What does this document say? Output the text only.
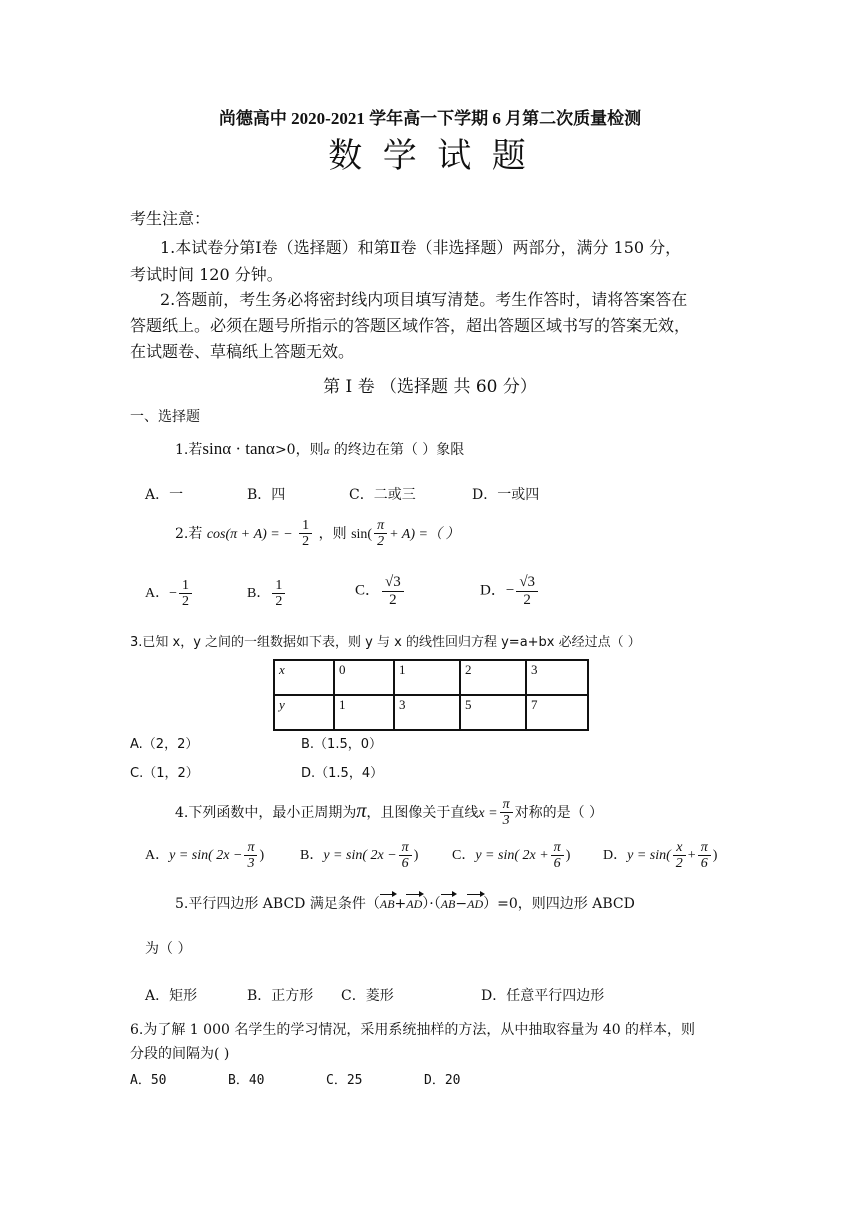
尚德高中 2020-2021 学年高一下学期 6 月第二次质量检测
数 学 试 题
考生注意：
1.本试卷分第Ⅰ卷（选择题）和第Ⅱ卷（非选择题）两部分，满分 150 分，
考试时间 120 分钟。
2.答题前，考生务必将密封线内项目填写清楚。考生作答时，请将答案答在
答题纸上。必须在题号所指示的答题区域作答，超出答题区域书写的答案无效，
在试题卷、草稿纸上答题无效。
第 Ⅰ 卷 （选择题 共 60 分）
一、选择题
1.若sinα · tanα>0，则α 的终边在第（ ）象限
A．一	B．四	C．二或三	D．一或四
2.若 cos(π + A) = − $\frac{1}{2}$ ，则 $\sin( \frac{\pi}{2} + A)$ =（ ）
A．− $\frac{1}{2}$	B． $\frac{1}{2}$	C． $\frac{√3}{2}$	D．− $\frac{√3}{2}$
3.已知 x，y 之间的一组数据如下表，则 y 与 x 的线性回归方程 y=a+bx 必经过点（ ）
x	0	1	2	3
y	1	3	5	7
A.（2，2）	B.（1.5，0）
C.（1，2）	D.（1.5，4）
4.下列函数中，最小正周期为π，且图像关于直线$x = \frac{\pi}{3}$ 对称的是（ ）
A．y = sin( $2x - \frac{\pi}{3}$ )	B．y = sin( $2x - \frac{\pi}{6}$ ) C．y = sin( $2x + \frac{\pi}{6}$ ) D．$y = \sin( \frac{x}{2} + \frac{\pi}{6}$ )
5.平行四边形 ABCD 满足条件（AB+AD）·（AB−AD）=0，则四边形 ABCD
为（ ）
A．矩形	B．正方形 C．菱形	D．任意平行四边形
6.为了解 1 000 名学生的学习情况，采用系统抽样的方法，从中抽取容量为 40 的样本，则
分段的间隔为( )
A．50	B．40	C．25	D．20
